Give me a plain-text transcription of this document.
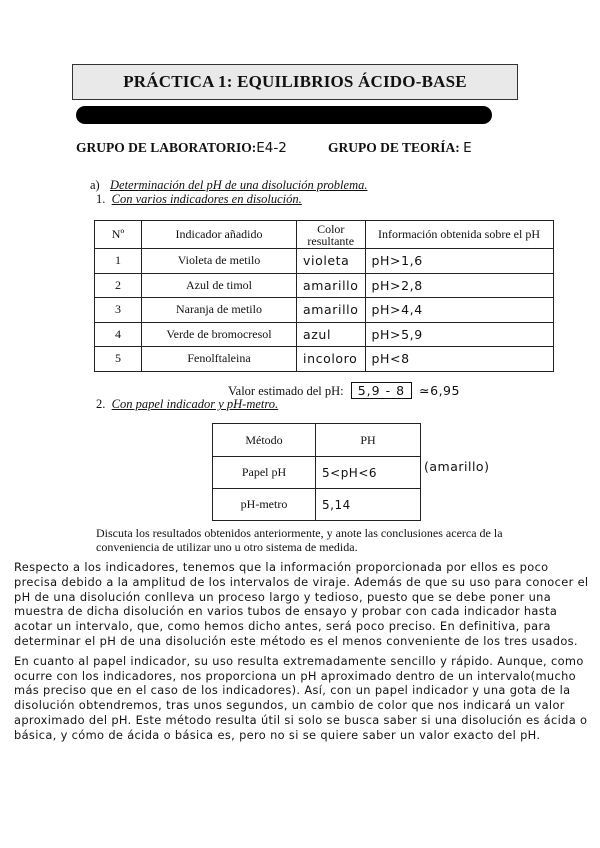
PRÁCTICA 1: EQUILIBRIOS ÁCIDO-BASE
GRUPO DE LABORATORIO:E4-2	GRUPO DE TEORÍA: E
a) Determinación del pH de una disolución problema.
1. Con varios indicadores en disolución.
Nº	Indicador añadido	Color resultante	Información obtenida sobre el pH
1	Violeta de metilo	violeta	pH>1,6
2	Azul de timol	amarillo	pH>2,8
3	Naranja de metilo	amarillo	pH>4,4
4	Verde de bromocresol	azul	pH>5,9
5	Fenolftaleina	incoloro	pH<8
Valor estimado del pH: 5,9 - 8 ≃6,95
2. Con papel indicador y pH-metro.
Método	PH
Papel pH	5<pH<6
pH-metro	5,14
(amarillo)
Discuta los resultados obtenidos anteriormente, y anote las conclusiones acerca de la conveniencia de utilizar uno u otro sistema de medida.

Respecto a los indicadores, tenemos que la información proporcionada por ellos es poco precisa debido a la amplitud de los intervalos de viraje. Además de que su uso para conocer el pH de una disolución conlleva un proceso largo y tedioso, puesto que se debe poner una muestra de dicha disolución en varios tubos de ensayo y probar con cada indicador hasta acotar un intervalo, que, como hemos dicho antes, será poco preciso. En definitiva, para determinar el pH de una disolución este método es el menos conveniente de los tres usados.

En cuanto al papel indicador, su uso resulta extremadamente sencillo y rápido. Aunque, como ocurre con los indicadores, nos proporciona un pH aproximado dentro de un intervalo(mucho más preciso que en el caso de los indicadores). Así, con un papel indicador y una gota de la disolución obtendremos, tras unos segundos, un cambio de color que nos indicará un valor aproximado del pH. Este método resulta útil si solo se busca saber si una disolución es ácida o básica, y cómo de ácida o básica es, pero no si se quiere saber un valor exacto del pH.
